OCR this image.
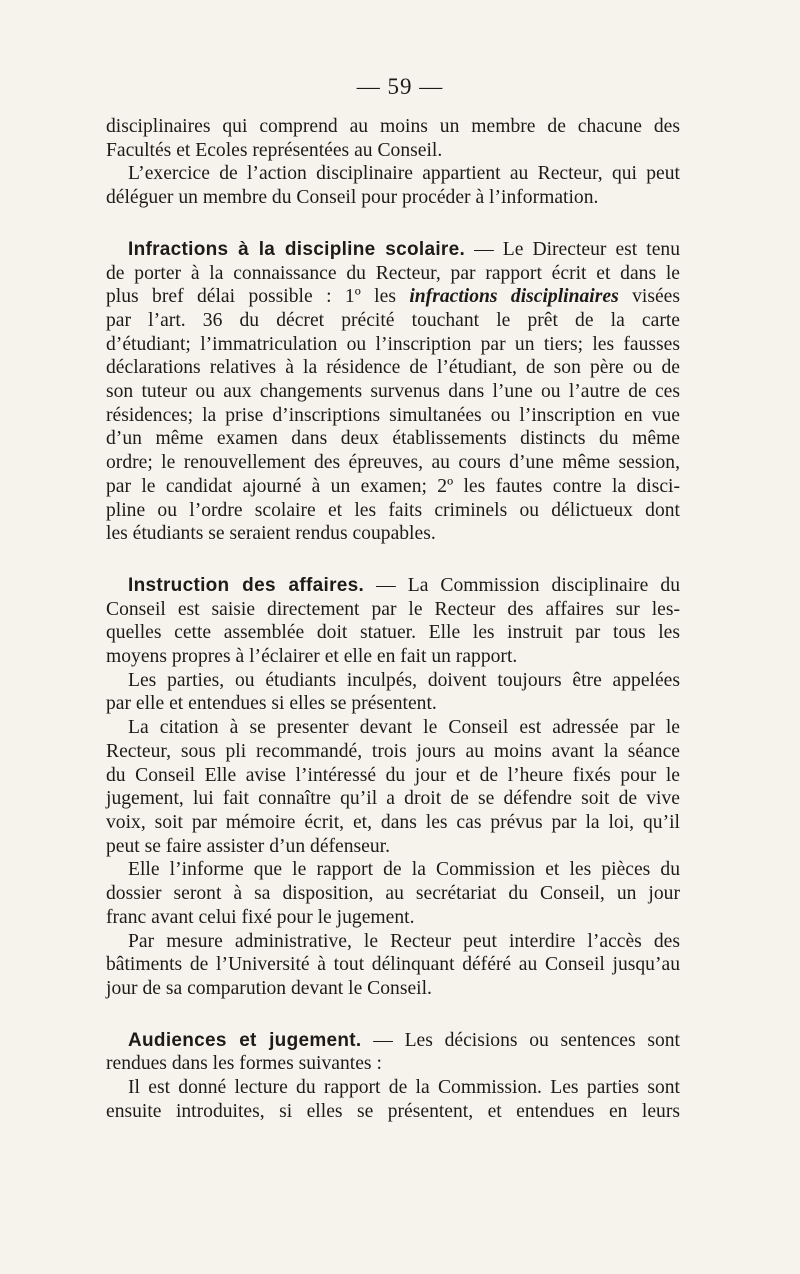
— 59 —
disciplinaires qui comprend au moins un membre de chacune des
Facultés et Ecoles représentées au Conseil.
L’exercice de l’action disciplinaire appartient au Recteur, qui peut
déléguer un membre du Conseil pour procéder à l’information.
Infractions à la discipline scolaire. — Le Directeur est tenu
de porter à la connaissance du Recteur, par rapport écrit et dans le
plus bref délai possible : 1º les infractions disciplinaires visées
par l’art. 36 du décret précité touchant le prêt de la carte
d’étudiant; l’immatriculation ou l’inscription par un tiers; les fausses
déclarations relatives à la résidence de l’étudiant, de son père ou de
son tuteur ou aux changements survenus dans l’une ou l’autre de ces
résidences; la prise d’inscriptions simultanées ou l’inscription en vue
d’un même examen dans deux établissements distincts du même
ordre; le renouvellement des épreuves, au cours d’une même session,
par le candidat ajourné à un examen; 2º les fautes contre la disci-
pline ou l’ordre scolaire et les faits criminels ou délictueux dont
les étudiants se seraient rendus coupables.
Instruction des affaires. — La Commission disciplinaire du
Conseil est saisie directement par le Recteur des affaires sur les-
quelles cette assemblée doit statuer. Elle les instruit par tous les
moyens propres à l’éclairer et elle en fait un rapport.
Les parties, ou étudiants inculpés, doivent toujours être appelées
par elle et entendues si elles se présentent.
La citation à se presenter devant le Conseil est adressée par le
Recteur, sous pli recommandé, trois jours au moins avant la séance
du Conseil Elle avise l’intéressé du jour et de l’heure fixés pour le
jugement, lui fait connaître qu’il a droit de se défendre soit de vive
voix, soit par mémoire écrit, et, dans les cas prévus par la loi, qu’il
peut se faire assister d’un défenseur.
Elle l’informe que le rapport de la Commission et les pièces du
dossier seront à sa disposition, au secrétariat du Conseil, un jour
franc avant celui fixé pour le jugement.
Par mesure administrative, le Recteur peut interdire l’accès des
bâtiments de l’Université à tout délinquant déféré au Conseil jusqu’au
jour de sa comparution devant le Conseil.
Audiences et jugement. — Les décisions ou sentences sont
rendues dans les formes suivantes :
Il est donné lecture du rapport de la Commission. Les parties sont
ensuite introduites, si elles se présentent, et entendues en leurs
